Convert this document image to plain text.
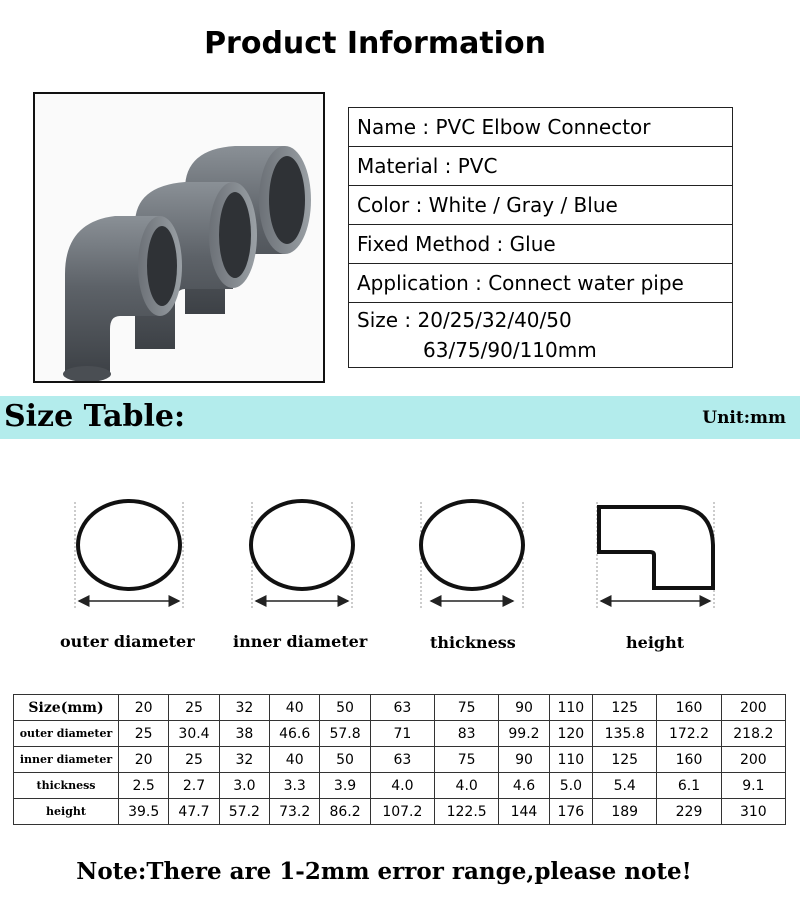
Product Information
Name : PVC Elbow Connector
Material : PVC
Color : White / Gray / Blue
Fixed Method : Glue
Application : Connect water pipe
Size : 20/25/32/40/50
63/75/90/110mm
Size Table:	Unit:mm
outer diameter inner diameter	thickness	height
Size(mm)	20	25	32	40	50	63	75	90	110	125	160	200
outer diameter	25	30.4	38	46.6	57.8	71	83	99.2	120	135.8	172.2	218.2
inner diameter	20	25	32	40	50	63	75	90	110	125	160	200
thickness	2.5	2.7	3.0	3.3	3.9	4.0	4.0	4.6	5.0	5.4	6.1	9.1
height	39.5	47.7	57.2	73.2	86.2	107.2	122.5	144	176	189	229	310
Note:There are 1-2mm error range,please note!
